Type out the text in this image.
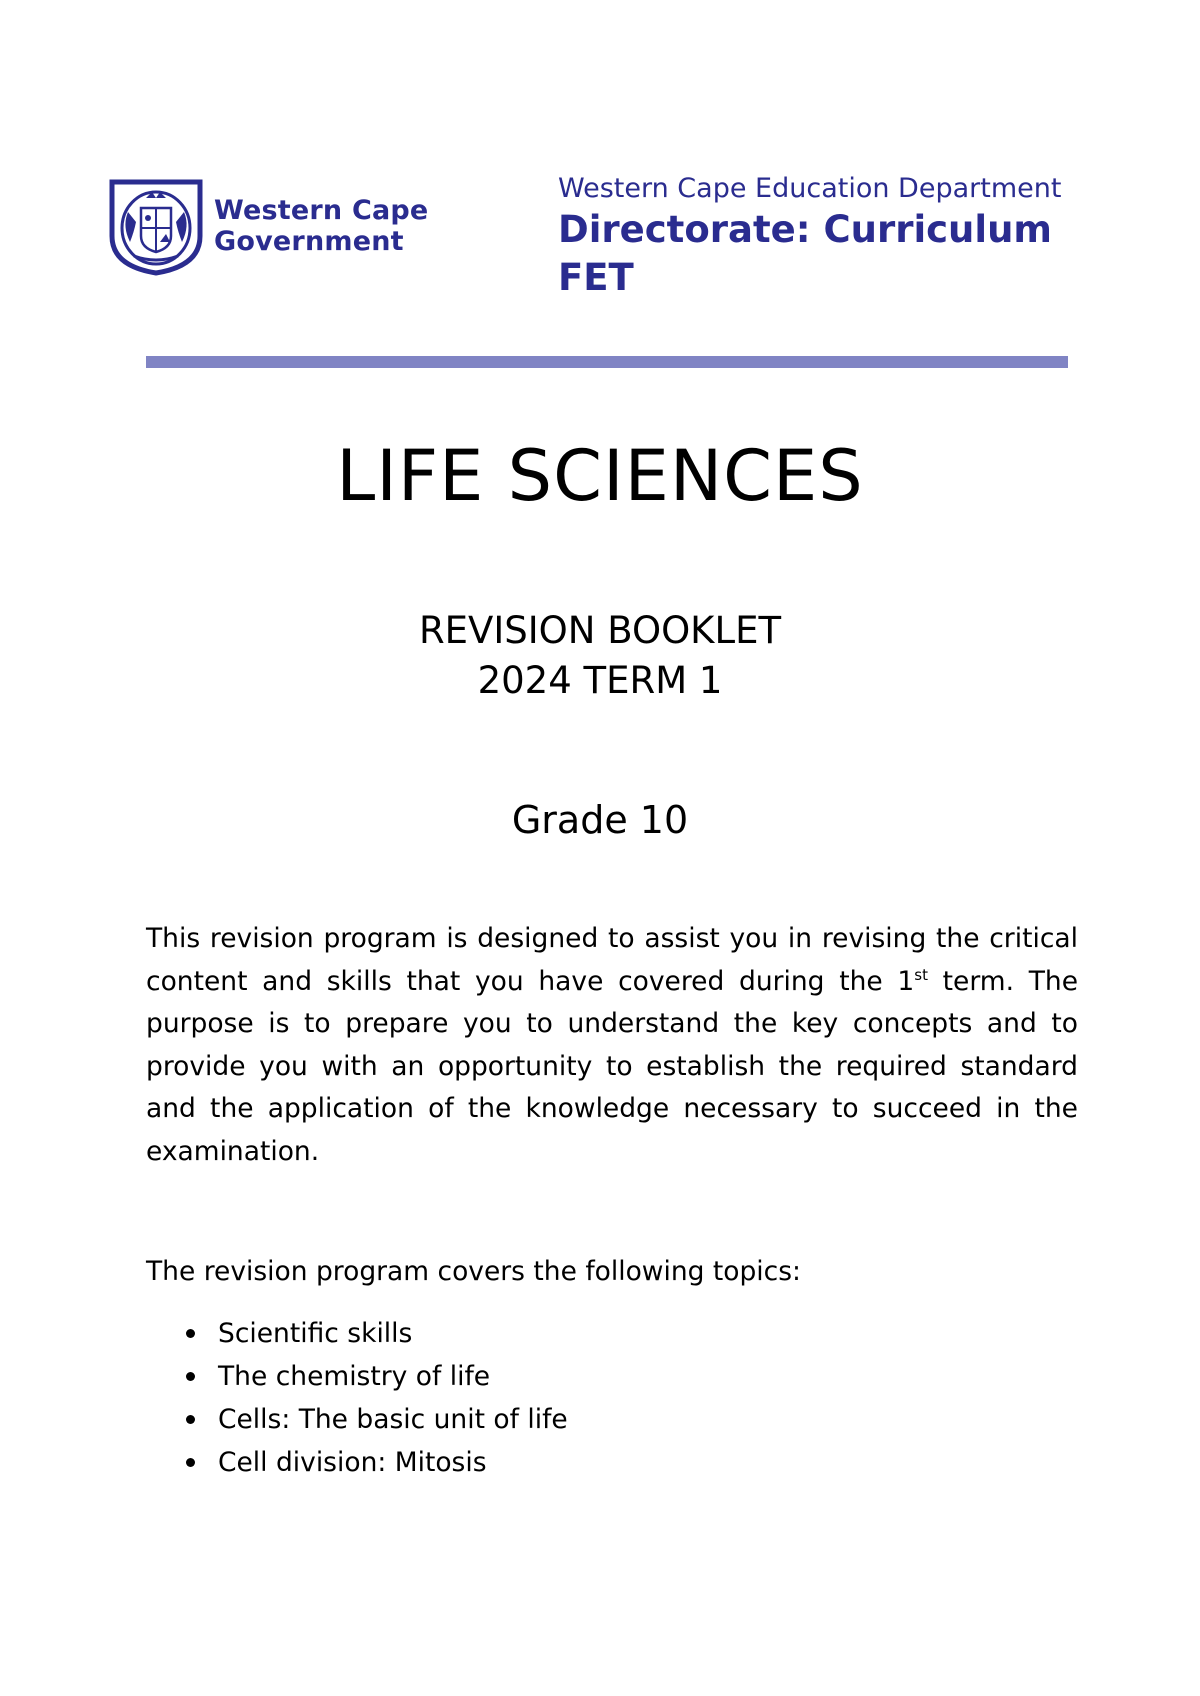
Western Cape
Government
Western Cape Education Department
Directorate: Curriculum FET
LIFE SCIENCES
REVISION BOOKLET
2024 TERM 1
Grade 10
This revision program is designed to assist you in revising the critical content and skills that you have covered during the 1st term. The purpose is to prepare you to understand the key concepts and to provide you with an opportunity to establish the required standard and the application of the knowledge necessary to succeed in the examination.
The revision program covers the following topics:
Scientific skills
The chemistry of life
Cells: The basic unit of life
Cell division: Mitosis
